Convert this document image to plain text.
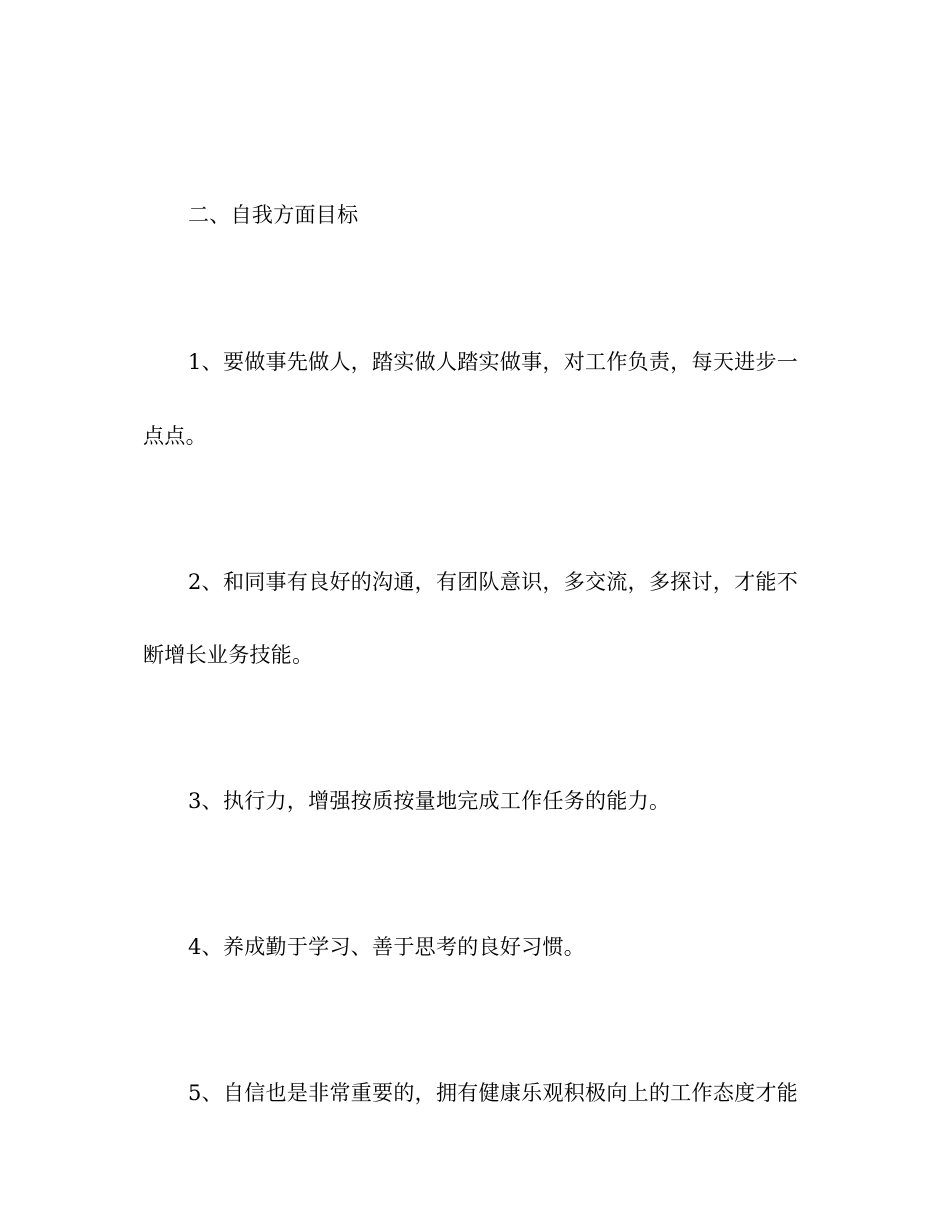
二、自我方面目标
1、要做事先做人，踏实做人踏实做事，对工作负责，每天进步一
点点。
2、和同事有良好的沟通，有团队意识，多交流，多探讨，才能不
断增长业务技能。
3、执行力，增强按质按量地完成工作任务的能力。
4、养成勤于学习、善于思考的良好习惯。
5、自信也是非常重要的，拥有健康乐观积极向上的工作态度才能
